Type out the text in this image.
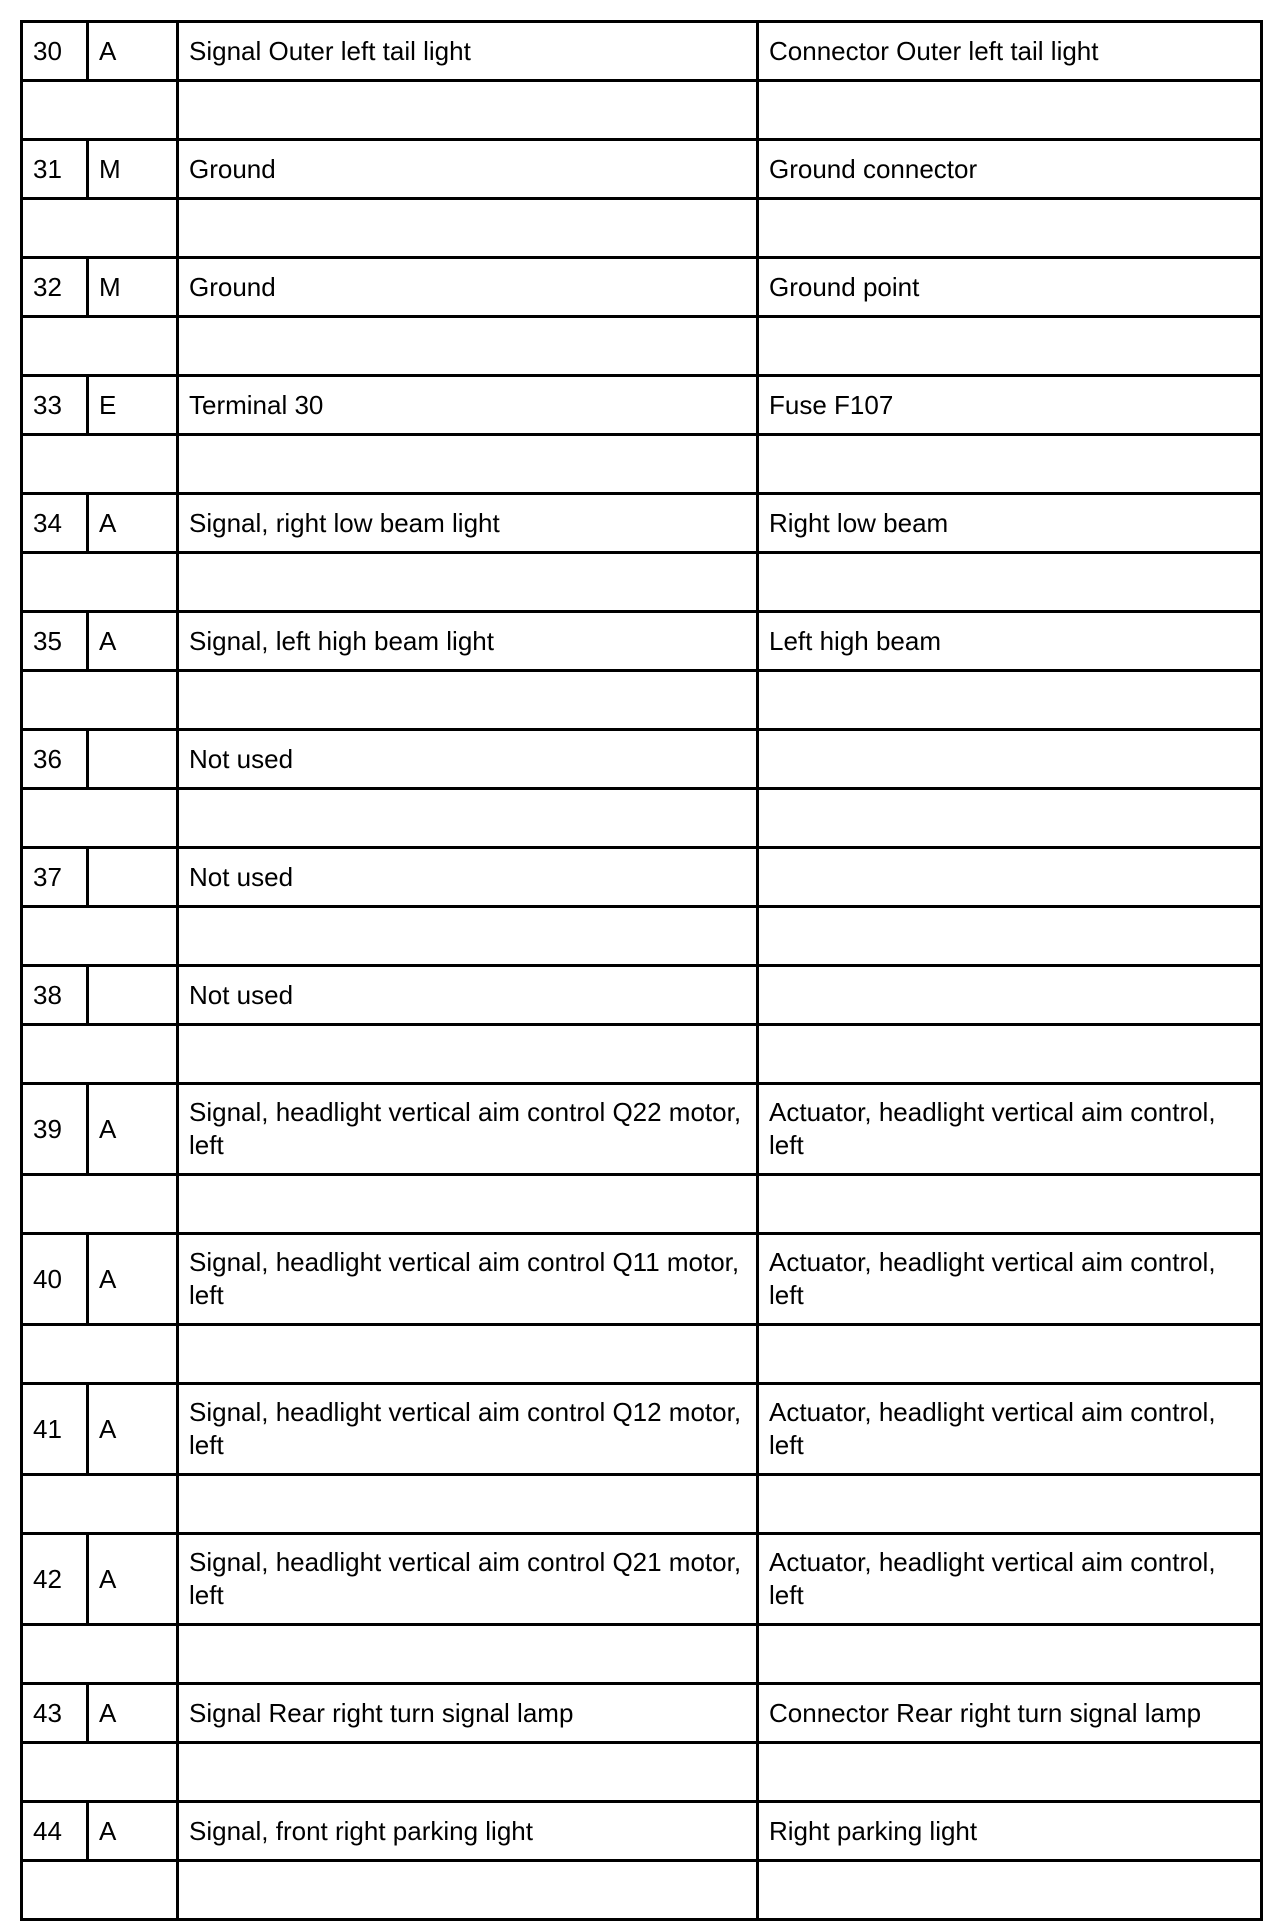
30	A	Signal Outer left tail light	Connector Outer left tail light

31	M	Ground	Ground connector

32	M	Ground	Ground point

33	E	Terminal 30	Fuse F107

34	A	Signal, right low beam light	Right low beam

35	A	Signal, left high beam light	Left high beam

36		Not used	

37		Not used	

38		Not used	

39	A	Signal, headlight vertical aim control Q22 motor, left	Actuator, headlight vertical aim control, left

40	A	Signal, headlight vertical aim control Q11 motor, left	Actuator, headlight vertical aim control, left

41	A	Signal, headlight vertical aim control Q12 motor, left	Actuator, headlight vertical aim control, left

42	A	Signal, headlight vertical aim control Q21 motor, left	Actuator, headlight vertical aim control, left

43	A	Signal Rear right turn signal lamp	Connector Rear right turn signal lamp

44	A	Signal, front right parking light	Right parking light
